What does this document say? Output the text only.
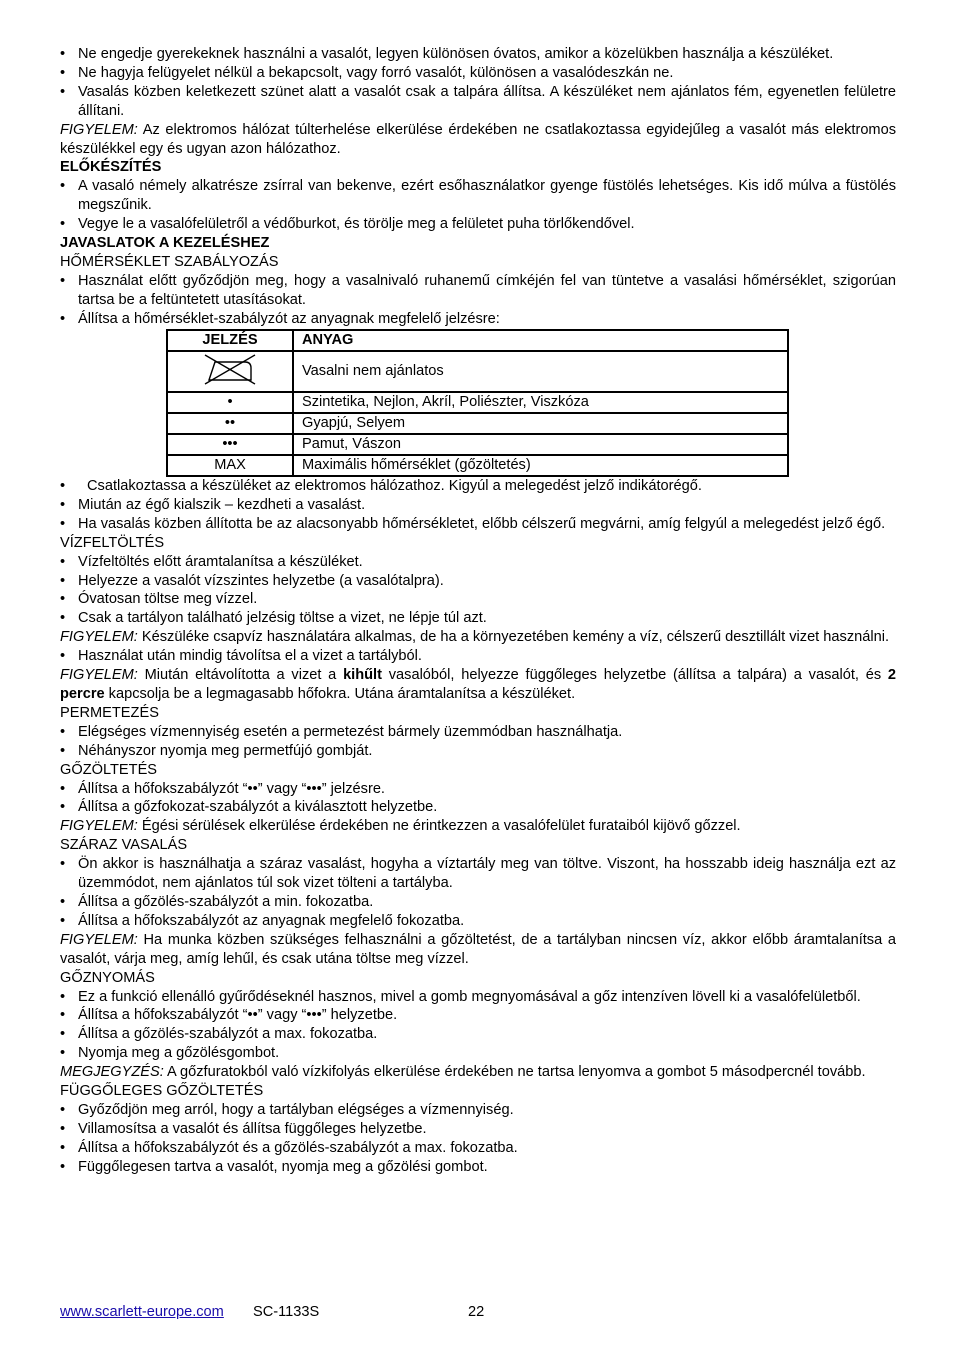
• Ne engedje gyerekeknek használni a vasalót, legyen különösen óvatos, amikor a közelükben használja a készüléket.
• Ne hagyja felügyelet nélkül a bekapcsolt, vagy forró vasalót, különösen a vasalódeszkán ne.
• Vasalás közben keletkezett szünet alatt a vasalót csak a talpára állítsa. A készüléket nem ajánlatos fém, egyenetlen felületre állítani.

FIGYELEM: Az elektromos hálózat túlterhelése elkerülése érdekében ne csatlakoztassa egyidejűleg a vasalót más elektromos készülékkel egy és ugyan azon hálózathoz.

ELŐKÉSZÍTÉS

• A vasaló némely alkatrésze zsírral van bekenve, ezért esőhasználatkor gyenge füstölés lehetséges. Kis idő múlva a füstölés megszűnik.
• Vegye le a vasalófelületről a védőburkot, és törölje meg a felületet puha törlőkendővel.

JAVASLATOK A KEZELÉSHEZ

HŐMÉRSÉKLET SZABÁLYOZÁS

• Használat előtt győződjön meg, hogy a vasalnivaló ruhanemű címkéjén fel van tüntetve a vasalási hőmérséklet, szigorúan tartsa be a feltüntetett utasításokat.
• Állítsa a hőmérséklet-szabályzót az anyagnak megfelelő jelzésre:
JELZÉS	ANYAG
	Vasalni nem ajánlatos
•	Szintetika, Nejlon, Akríl, Poliészter, Viszkóza
••	Gyapjú, Selyem
•••	Pamut, Vászon
MAX	Maximális hőmérséklet (gőzöltetés)
• Csatlakoztassa a készüléket az elektromos hálózathoz. Kigyúl a melegedést jelző indikátorégő.
• Miután az égő kialszik – kezdheti a vasalást.
• Ha vasalás közben állította be az alacsonyabb hőmérsékletet, előbb célszerű megvárni, amíg felgyúl a melegedést jelző égő.

VÍZFELTÖLTÉS

• Vízfeltöltés előtt áramtalanítsa a készüléket.
• Helyezze a vasalót vízszintes helyzetbe (a vasalótalpra).
• Óvatosan töltse meg vízzel.
• Csak a tartályon található jelzésig töltse a vizet, ne lépje túl azt.

FIGYELEM: Készüléke csapvíz használatára alkalmas, de ha a környezetében kemény a víz, célszerű desztillált vizet használni.

• Használat után mindig távolítsa el a vizet a tartályból.

FIGYELEM: Miután eltávolította a vizet a kihűlt vasalóból, helyezze függőleges helyzetbe (állítsa a talpára) a vasalót, és 2 percre kapcsolja be a legmagasabb hőfokra. Utána áramtalanítsa a készüléket.

PERMETEZÉS

• Elégséges vízmennyiség esetén a permetezést bármely üzemmódban használhatja.
• Néhányszor nyomja meg permetfújó gombját.

GŐZÖLTETÉS

• Állítsa a hőfokszabályzót “••” vagy “•••” jelzésre.
• Állítsa a gőzfokozat-szabályzót a kiválasztott helyzetbe.

FIGYELEM: Égési sérülések elkerülése érdekében ne érintkezzen a vasalófelület furataiból kijövő gőzzel.

SZÁRAZ VASALÁS

• Ön akkor is használhatja a száraz vasalást, hogyha a víztartály meg van töltve. Viszont, ha hosszabb ideig használja ezt az üzemmódot, nem ajánlatos túl sok vizet tölteni a tartályba.
• Állítsa a gőzölés-szabályzót a min. fokozatba.
• Állítsa a hőfokszabályzót az anyagnak megfelelő fokozatba.

FIGYELEM: Ha munka közben szükséges felhasználni a gőzöltetést, de a tartályban nincsen víz, akkor előbb áramtalanítsa a vasalót, várja meg, amíg lehűl, és csak utána töltse meg vízzel.

GŐZNYOMÁS

• Ez a funkció ellenálló gyűrődéseknél hasznos, mivel a gomb megnyomásával a gőz intenzíven lövell ki a vasalófelületből.
• Állítsa a hőfokszabályzót “••” vagy “•••” helyzetbe.
• Állítsa a gőzölés-szabályzót a max. fokozatba.
• Nyomja meg a gőzölésgombot.

MEGJEGYZÉS: A gőzfuratokból való vízkifolyás elkerülése érdekében ne tartsa lenyomva a gombot 5 másodpercnél tovább.

FÜGGŐLEGES GŐZÖLTETÉS

• Győződjön meg arról, hogy a tartályban elégséges a vízmennyiség.
• Villamosítsa a vasalót és állítsa függőleges helyzetbe.
• Állítsa a hőfokszabályzót és a gőzölés-szabályzót a max. fokozatba.
• Függőlegesen tartva a vasalót, nyomja meg a gőzölési gombot.
www.scarlett-europe.com SC-1133S	22
